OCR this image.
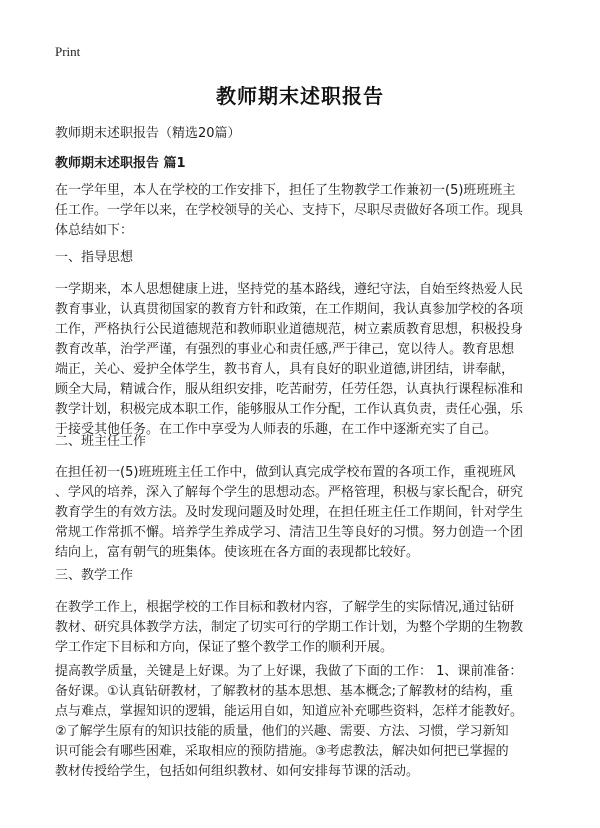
Print
教师期末述职报告
教师期末述职报告（精选20篇）
教师期末述职报告 篇1
在一学年里，本人在学校的工作安排下，担任了生物教学工作兼初一(5)班班班主
任工作。一学年以来，在学校领导的关心、支持下，尽职尽责做好各项工作。现具
体总结如下：
一、指导思想
一学期来，本人思想健康上进，坚持党的基本路线，遵纪守法，自始至终热爱人民
教育事业，认真贯彻国家的教育方针和政策，在工作期间，我认真参加学校的各项
工作，严格执行公民道德规范和教师职业道德规范，树立素质教育思想，积极投身
教育改革，治学严谨，有强烈的事业心和责任感,严于律己，宽以待人。教育思想
端正，关心、爱护全体学生，教书育人，具有良好的职业道德,讲团结，讲奉献，
顾全大局，精诚合作，服从组织安排，吃苦耐劳，任劳任怨，认真执行课程标准和
教学计划，积极完成本职工作，能够服从工作分配，工作认真负责，责任心强，乐
于接受其他任务。在工作中享受为人师表的乐趣，在工作中逐渐充实了自己。
二、班主任工作
在担任初一(5)班班班主任工作中，做到认真完成学校布置的各项工作，重视班风
、学风的培养，深入了解每个学生的思想动态。严格管理，积极与家长配合，研究
教育学生的有效方法。及时发现问题及时处理，在担任班主任工作期间，针对学生
常规工作常抓不懈。培养学生养成学习、清洁卫生等良好的习惯。努力创造一个团
结向上，富有朝气的班集体。使该班在各方面的表现都比较好。
三、教学工作
在教学工作上，根据学校的工作目标和教材内容，了解学生的实际情况,通过钻研
教材、研究具体教学方法，制定了切实可行的学期工作计划，为整个学期的生物教
学工作定下目标和方向，保证了整个教学工作的顺利开展。
提高教学质量，关键是上好课。为了上好课，我做了下面的工作： 1、课前准备：
备好课。①认真钻研教材，了解教材的基本思想、基本概念;了解教材的结构，重
点与难点，掌握知识的逻辑，能运用自如，知道应补充哪些资料，怎样才能教好。
②了解学生原有的知识技能的质量，他们的兴趣、需要、方法、习惯，学习新知
识可能会有哪些困难，采取相应的预防措施。③考虑教法，解决如何把已掌握的
教材传授给学生，包括如何组织教材、如何安排每节课的活动。
